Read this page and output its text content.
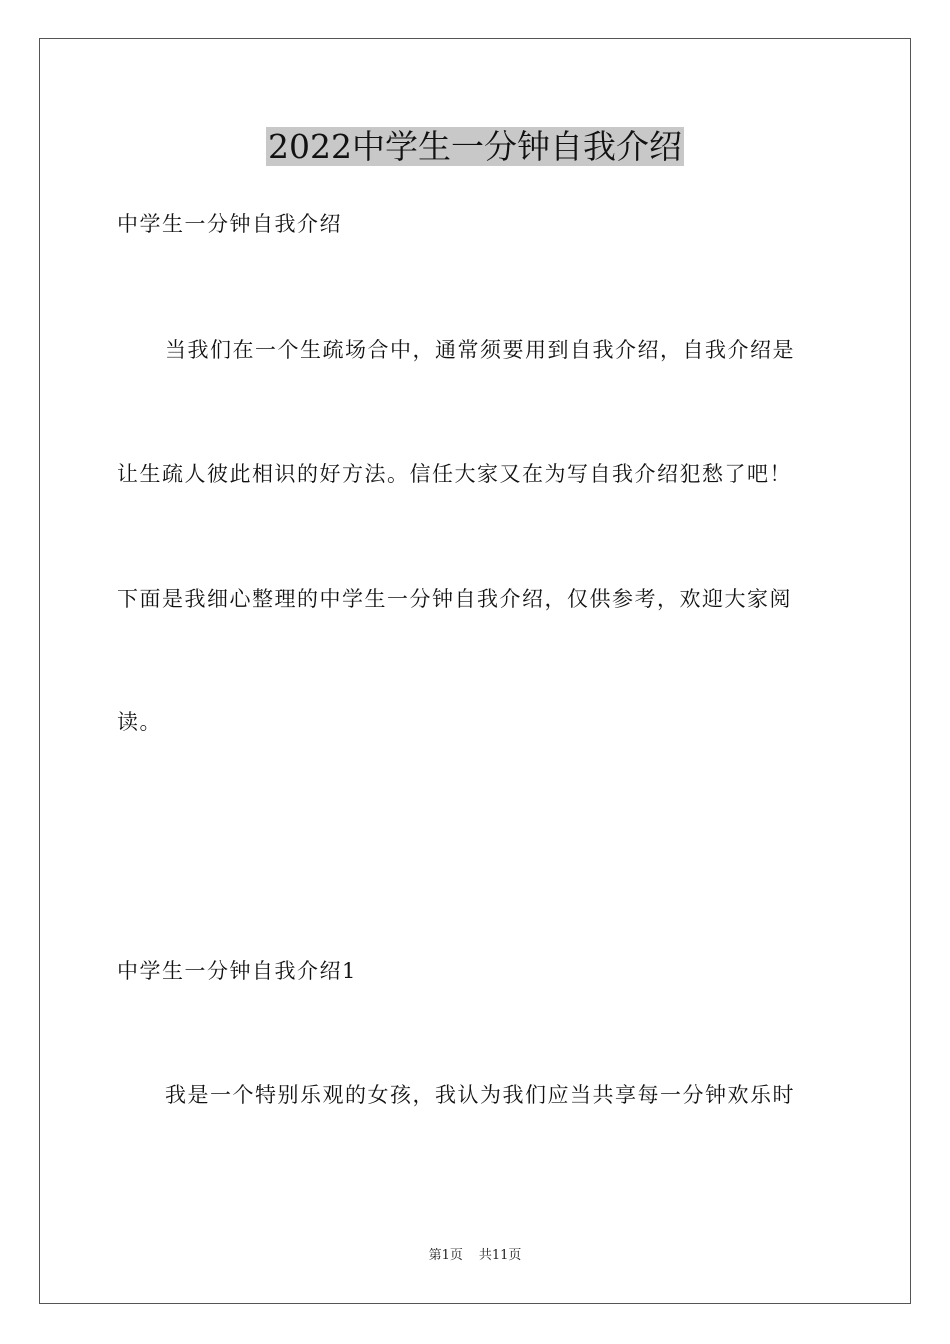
2022中学生一分钟自我介绍
中学生一分钟自我介绍
当我们在一个生疏场合中，通常须要用到自我介绍，自我介绍是
让生疏人彼此相识的好方法。信任大家又在为写自我介绍犯愁了吧！
下面是我细心整理的中学生一分钟自我介绍，仅供参考，欢迎大家阅
读。
中学生一分钟自我介绍1
我是一个特别乐观的女孩，我认为我们应当共享每一分钟欢乐时
第1页 共11页
